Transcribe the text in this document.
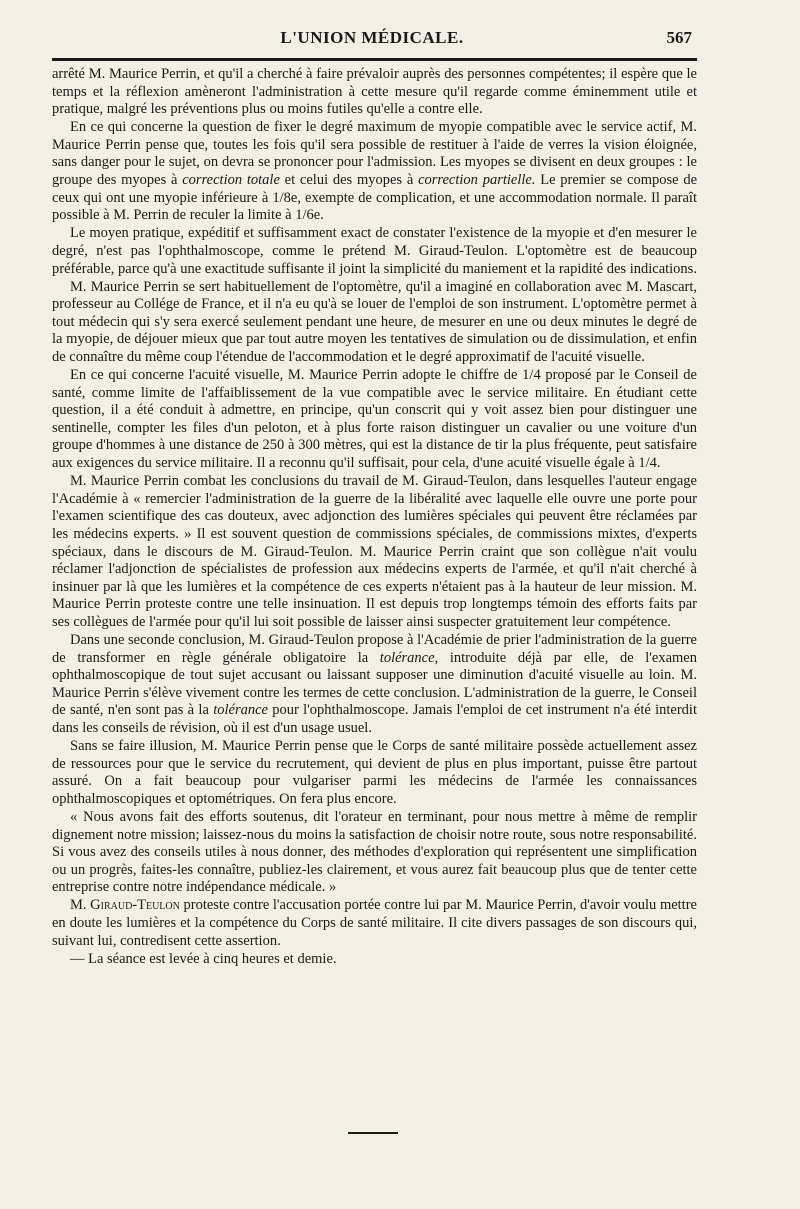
L'UNION MÉDICALE.	567

arrêté M. Maurice Perrin, et qu'il a cherché à faire prévaloir auprès des personnes compétentes; il espère que le temps et la réflexion amèneront l'administration à cette mesure qu'il regarde comme éminemment utile et pratique, malgré les préventions plus ou moins futiles qu'elle a contre elle.

En ce qui concerne la question de fixer le degré maximum de myopie compatible avec le service actif, M. Maurice Perrin pense que, toutes les fois qu'il sera possible de restituer à l'aide de verres la vision éloignée, sans danger pour le sujet, on devra se prononcer pour l'admission. Les myopes se divisent en deux groupes : le groupe des myopes à correction totale et celui des myopes à correction partielle. Le premier se compose de ceux qui ont une myopie inférieure à 1/8e, exempte de complication, et une accommodation normale. Il paraît possible à M. Perrin de reculer la limite à 1/6e.

Le moyen pratique, expéditif et suffisamment exact de constater l'existence de la myopie et d'en mesurer le degré, n'est pas l'ophthalmoscope, comme le prétend M. Giraud-Teulon. L'optomètre est de beaucoup préférable, parce qu'à une exactitude suffisante il joint la simplicité du maniement et la rapidité des indications.

M. Maurice Perrin se sert habituellement de l'optomètre, qu'il a imaginé en collaboration avec M. Mascart, professeur au Collége de France, et il n'a eu qu'à se louer de l'emploi de son instrument. L'optomètre permet à tout médecin qui s'y sera exercé seulement pendant une heure, de mesurer en une ou deux minutes le degré de la myopie, de déjouer mieux que par tout autre moyen les tentatives de simulation ou de dissimulation, et enfin de connaître du même coup l'étendue de l'accommodation et le degré approximatif de l'acuité visuelle.

En ce qui concerne l'acuité visuelle, M. Maurice Perrin adopte le chiffre de 1/4 proposé par le Conseil de santé, comme limite de l'affaiblissement de la vue compatible avec le service militaire. En étudiant cette question, il a été conduit à admettre, en principe, qu'un conscrit qui y voit assez bien pour distinguer une sentinelle, compter les files d'un peloton, et à plus forte raison distinguer un cavalier ou une voiture d'un groupe d'hommes à une distance de 250 à 300 mètres, qui est la distance de tir la plus fréquente, peut satisfaire aux exigences du service militaire. Il a reconnu qu'il suffisait, pour cela, d'une acuité visuelle égale à 1/4.

M. Maurice Perrin combat les conclusions du travail de M. Giraud-Teulon, dans lesquelles l'auteur engage l'Académie à « remercier l'administration de la guerre de la libéralité avec laquelle elle ouvre une porte pour l'examen scientifique des cas douteux, avec adjonction des lumières spéciales qui peuvent être réclamées par les médecins experts. » Il est souvent question de commissions spéciales, de commissions mixtes, d'experts spéciaux, dans le discours de M. Giraud-Teulon. M. Maurice Perrin craint que son collègue n'ait voulu réclamer l'adjonction de spécialistes de profession aux médecins experts de l'armée, et qu'il n'ait cherché à insinuer par là que les lumières et la compétence de ces experts n'étaient pas à la hauteur de leur mission. M. Maurice Perrin proteste contre une telle insinuation. Il est depuis trop longtemps témoin des efforts faits par ses collègues de l'armée pour qu'il lui soit possible de laisser ainsi suspecter gratuitement leur compétence.

Dans une seconde conclusion, M. Giraud-Teulon propose à l'Académie de prier l'administration de la guerre de transformer en règle générale obligatoire la tolérance, introduite déjà par elle, de l'examen ophthalmoscopique de tout sujet accusant ou laissant supposer une diminution d'acuité visuelle au loin. M. Maurice Perrin s'élève vivement contre les termes de cette conclusion. L'administration de la guerre, le Conseil de santé, n'en sont pas à la tolérance pour l'ophthalmoscope. Jamais l'emploi de cet instrument n'a été interdit dans les conseils de révision, où il est d'un usage usuel.

Sans se faire illusion, M. Maurice Perrin pense que le Corps de santé militaire possède actuellement assez de ressources pour que le service du recrutement, qui devient de plus en plus important, puisse être partout assuré. On a fait beaucoup pour vulgariser parmi les médecins de l'armée les connaissances ophthalmoscopiques et optométriques. On fera plus encore.

« Nous avons fait des efforts soutenus, dit l'orateur en terminant, pour nous mettre à même de remplir dignement notre mission; laissez-nous du moins la satisfaction de choisir notre route, sous notre responsabilité. Si vous avez des conseils utiles à nous donner, des méthodes d'exploration qui représentent une simplification ou un progrès, faites-les connaître, publiez-les clairement, et vous aurez fait beaucoup plus que de tenter cette entreprise contre notre indépendance médicale. »

M. Giraud-Teulon proteste contre l'accusation portée contre lui par M. Maurice Perrin, d'avoir voulu mettre en doute les lumières et la compétence du Corps de santé militaire. Il cite divers passages de son discours qui, suivant lui, contredisent cette assertion.

— La séance est levée à cinq heures et demie.
